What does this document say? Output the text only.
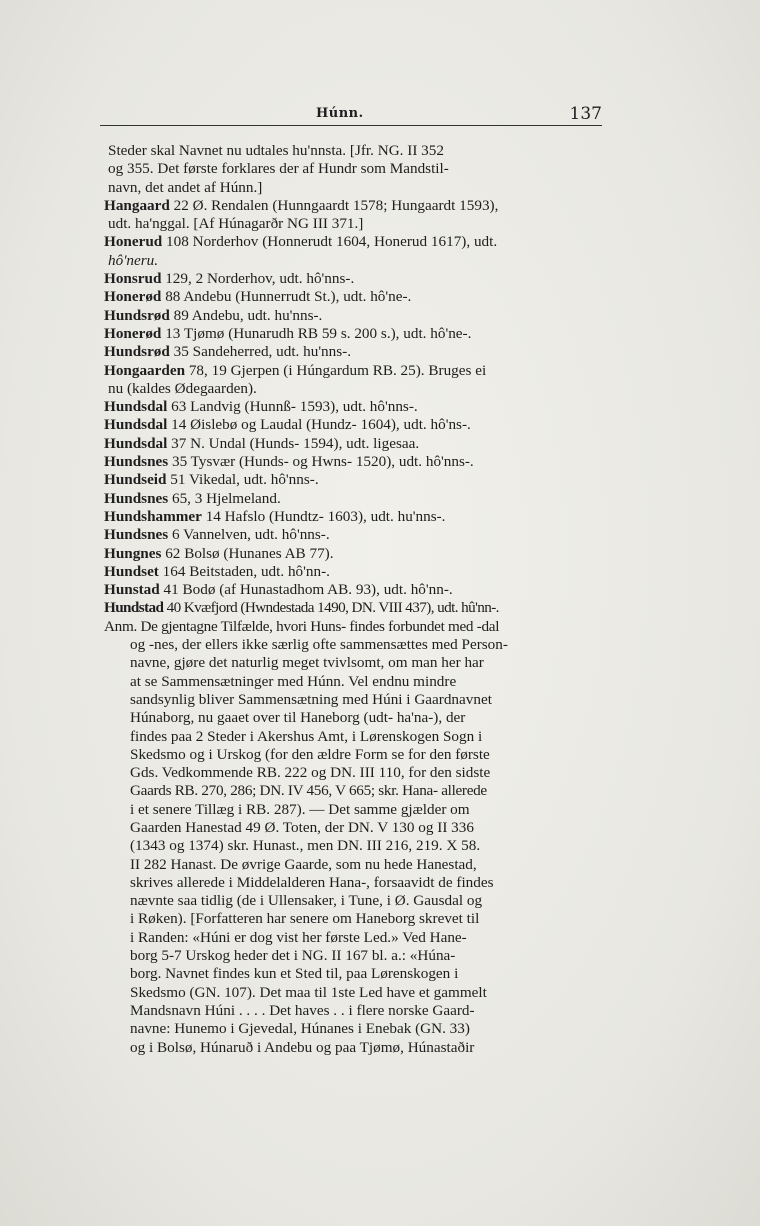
Húnn.	137
Steder skal Navnet nu udtales hu'nnsta. [Jfr. NG. II 352
og 355. Det første forklares der af Hundr som Mandstil-
navn, det andet af Húnn.]
Hangaard 22 Ø. Rendalen (Hunngaardt 1578; Hungaardt 1593),
udt. ha'nggal. [Af Húnagarðr NG III 371.]
Honerud 108 Norderhov (Honnerudt 1604, Honerud 1617), udt.
hô'neru.
Honsrud 129, 2 Norderhov, udt. hô'nns-.
Honerød 88 Andebu (Hunnerrudt St.), udt. hô'ne-.
Hundsrød 89 Andebu, udt. hu'nns-.
Honerød 13 Tjømø (Hunarudh RB 59 s. 200 s.), udt. hô'ne-.
Hundsrød 35 Sandeherred, udt. hu'nns-.
Hongaarden 78, 19 Gjerpen (i Húngardum RB. 25). Bruges ei
nu (kaldes Ødegaarden).
Hundsdal 63 Landvig (Hunnß- 1593), udt. hô'nns-.
Hundsdal 14 Øislebø og Laudal (Hundz- 1604), udt. hô'ns-.
Hundsdal 37 N. Undal (Hunds- 1594), udt. ligesaa.
Hundsnes 35 Tysvær (Hunds- og Hwns- 1520), udt. hô'nns-.
Hundseid 51 Vikedal, udt. hô'nns-.
Hundsnes 65, 3 Hjelmeland.
Hundshammer 14 Hafslo (Hundtz- 1603), udt. hu'nns-.
Hundsnes 6 Vannelven, udt. hô'nns-.
Hungnes 62 Bolsø (Hunanes AB 77).
Hundset 164 Beitstaden, udt. hô'nn-.
Hunstad 41 Bodø (af Hunastadhom AB. 93), udt. hô'nn-.
Hundstad 40 Kvæfjord (Hwndestada 1490, DN. VIII 437), udt. hû'nn-.
Anm. De gjentagne Tilfælde, hvori Huns- findes forbundet med -dal
og -nes, der ellers ikke særlig ofte sammensættes med Person-
navne, gjøre det naturlig meget tvivlsomt, om man her har
at se Sammensætninger med Húnn. Vel endnu mindre
sandsynlig bliver Sammensætning med Húni i Gaardnavnet
Húnaborg, nu gaaet over til Haneborg (udt- ha'na-), der
findes paa 2 Steder i Akershus Amt, i Lørenskogen Sogn i
Skedsmo og i Urskog (for den ældre Form se for den første
Gds. Vedkommende RB. 222 og DN. III 110, for den sidste
Gaards RB. 270, 286; DN. IV 456, V 665; skr. Hana- allerede
i et senere Tillæg i RB. 287). — Det samme gjælder om
Gaarden Hanestad 49 Ø. Toten, der DN. V 130 og II 336
(1343 og 1374) skr. Hunast., men DN. III 216, 219. X 58.
II 282 Hanast. De øvrige Gaarde, som nu hede Hanestad,
skrives allerede i Middelalderen Hana-, forsaavidt de findes
nævnte saa tidlig (de i Ullensaker, i Tune, i Ø. Gausdal og
i Røken). [Forfatteren har senere om Haneborg skrevet til
i Randen: «Húni er dog vist her første Led.» Ved Hane-
borg 5-7 Urskog heder det i NG. II 167 bl. a.: «Húna-
borg. Navnet findes kun et Sted til, paa Lørenskogen i
Skedsmo (GN. 107). Det maa til 1ste Led have et gammelt
Mandsnavn Húni . . . . Det haves . . i flere norske Gaard-
navne: Hunemo i Gjevedal, Húnanes i Enebak (GN. 33)
og i Bolsø, Húnaruð i Andebu og paa Tjømø, Húnastaðir
